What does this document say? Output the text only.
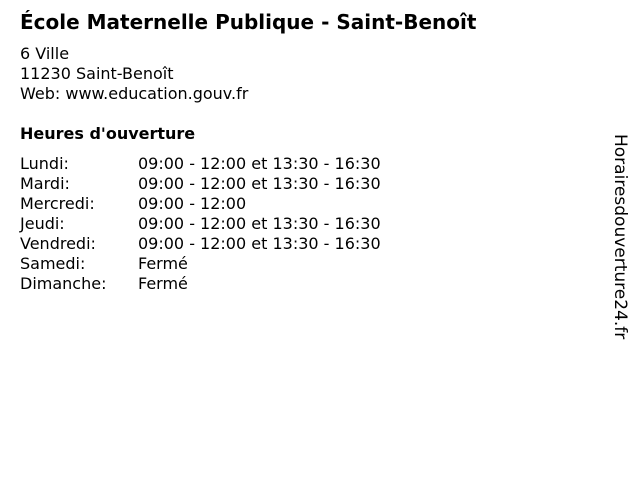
École Maternelle Publique - Saint-Benoît
6 Ville
11230 Saint-Benoît
Web: www.education.gouv.fr
Heures d'ouverture
Lundi:	09:00 - 12:00 et 13:30 - 16:30
Mardi:	09:00 - 12:00 et 13:30 - 16:30
Mercredi:	09:00 - 12:00
Jeudi:	09:00 - 12:00 et 13:30 - 16:30
Vendredi:	09:00 - 12:00 et 13:30 - 16:30
Samedi:	Fermé
Dimanche:	Fermé	Horairesdouverture24.fr
